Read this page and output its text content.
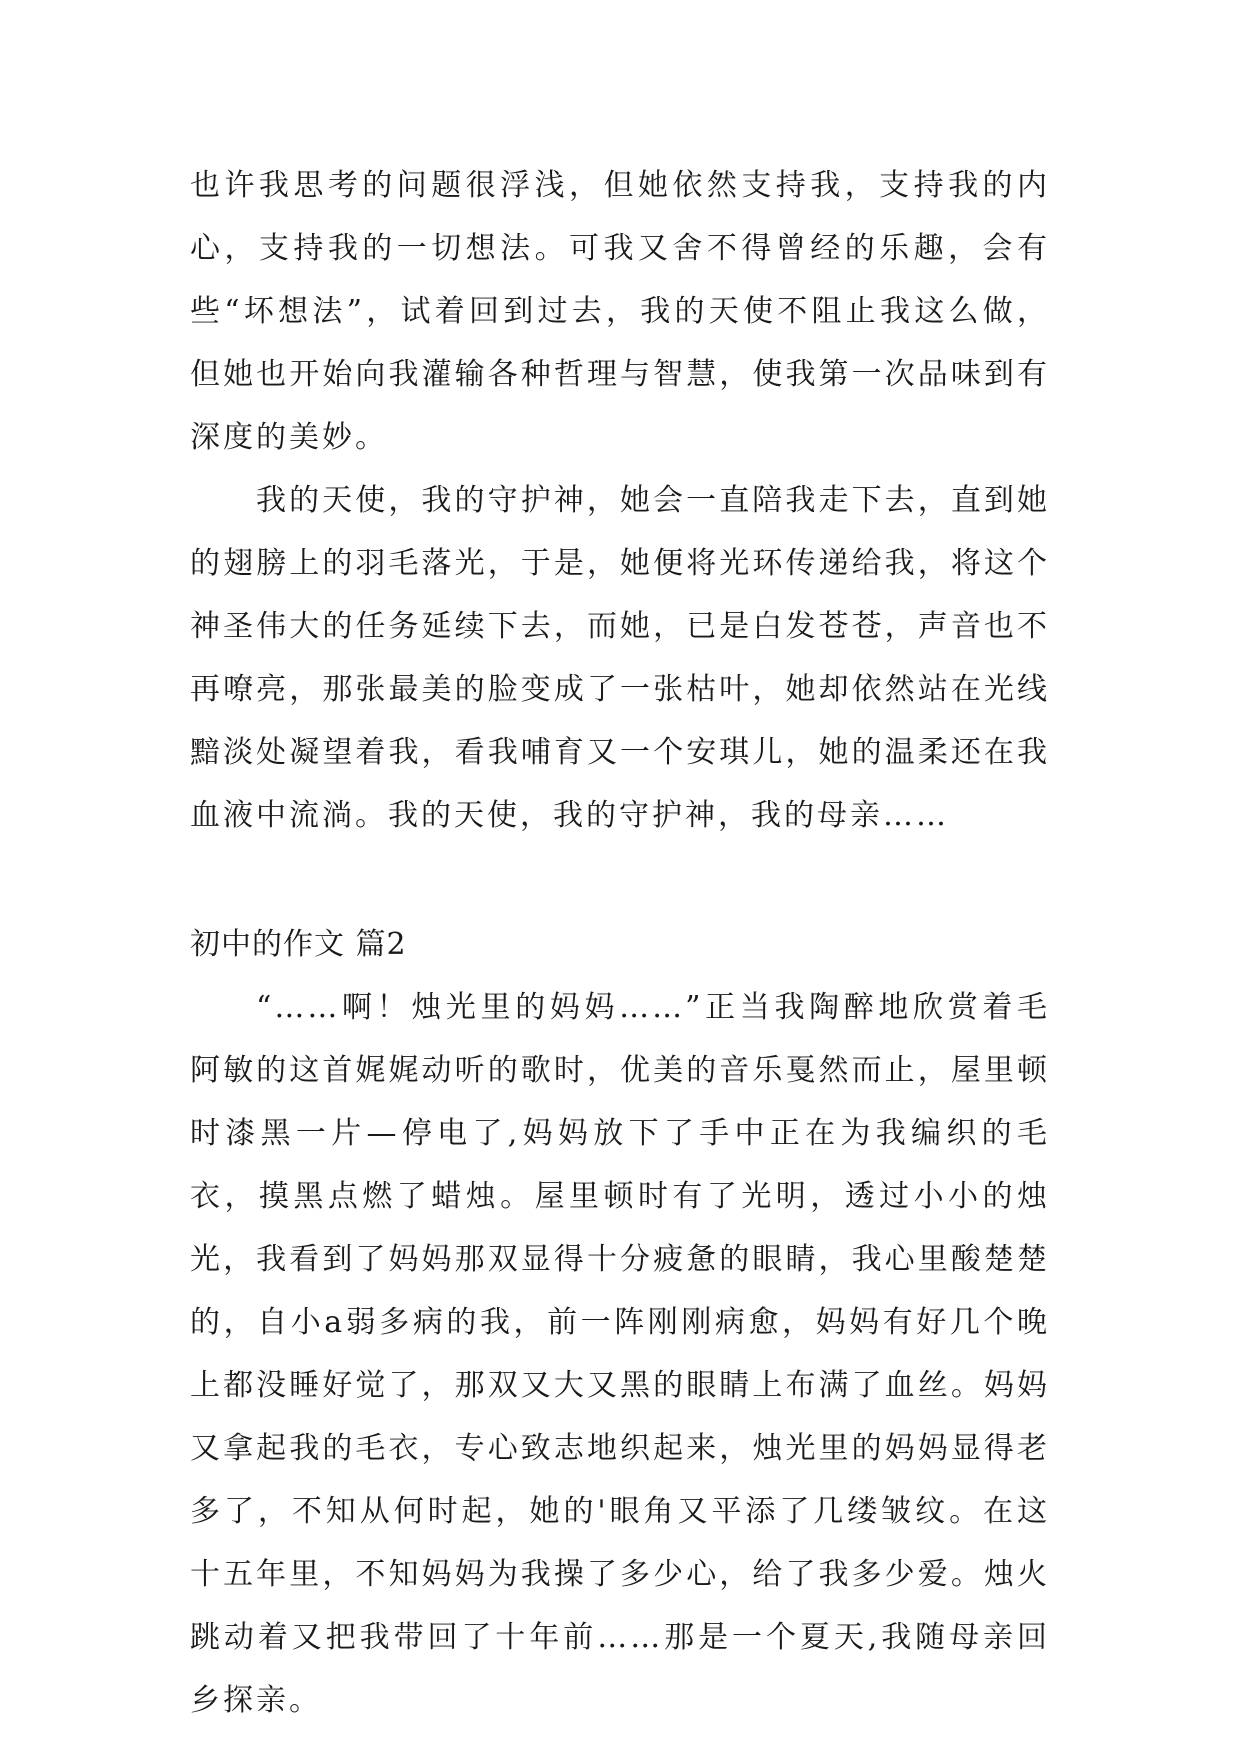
也许我思考的问题很浮浅，但她依然支持我，支持我的内心，支持我的一切想法。可我又舍不得曾经的乐趣，会有些“坏想法”，试着回到过去，我的天使不阻止我这么做，但她也开始向我灌输各种哲理与智慧，使我第一次品味到有深度的美妙。

我的天使，我的守护神，她会一直陪我走下去，直到她的翅膀上的羽毛落光，于是，她便将光环传递给我，将这个神圣伟大的任务延续下去，而她，已是白发苍苍，声音也不再嘹亮，那张最美的脸变成了一张枯叶，她却依然站在光线黯淡处凝望着我，看我哺育又一个安琪儿，她的温柔还在我血液中流淌。我的天使，我的守护神，我的母亲……

初中的作文 篇2

“……啊！烛光里的妈妈……”正当我陶醉地欣赏着毛阿敏的这首娓娓动听的歌时，优美的音乐戛然而止，屋里顿时漆黑一片—停电了,妈妈放下了手中正在为我编织的毛衣，摸黑点燃了蜡烛。屋里顿时有了光明，透过小小的烛光，我看到了妈妈那双显得十分疲惫的眼睛，我心里酸楚楚的，自小a弱多病的我，前一阵刚刚病愈，妈妈有好几个晚上都没睡好觉了，那双又大又黑的眼睛上布满了血丝。妈妈又拿起我的毛衣，专心致志地织起来，烛光里的妈妈显得老多了，不知从何时起，她的'眼角又平添了几缕皱纹。在这十五年里，不知妈妈为我操了多少心，给了我多少爱。烛火跳动着又把我带回了十年前……那是一个夏天,我随母亲回乡探亲。
